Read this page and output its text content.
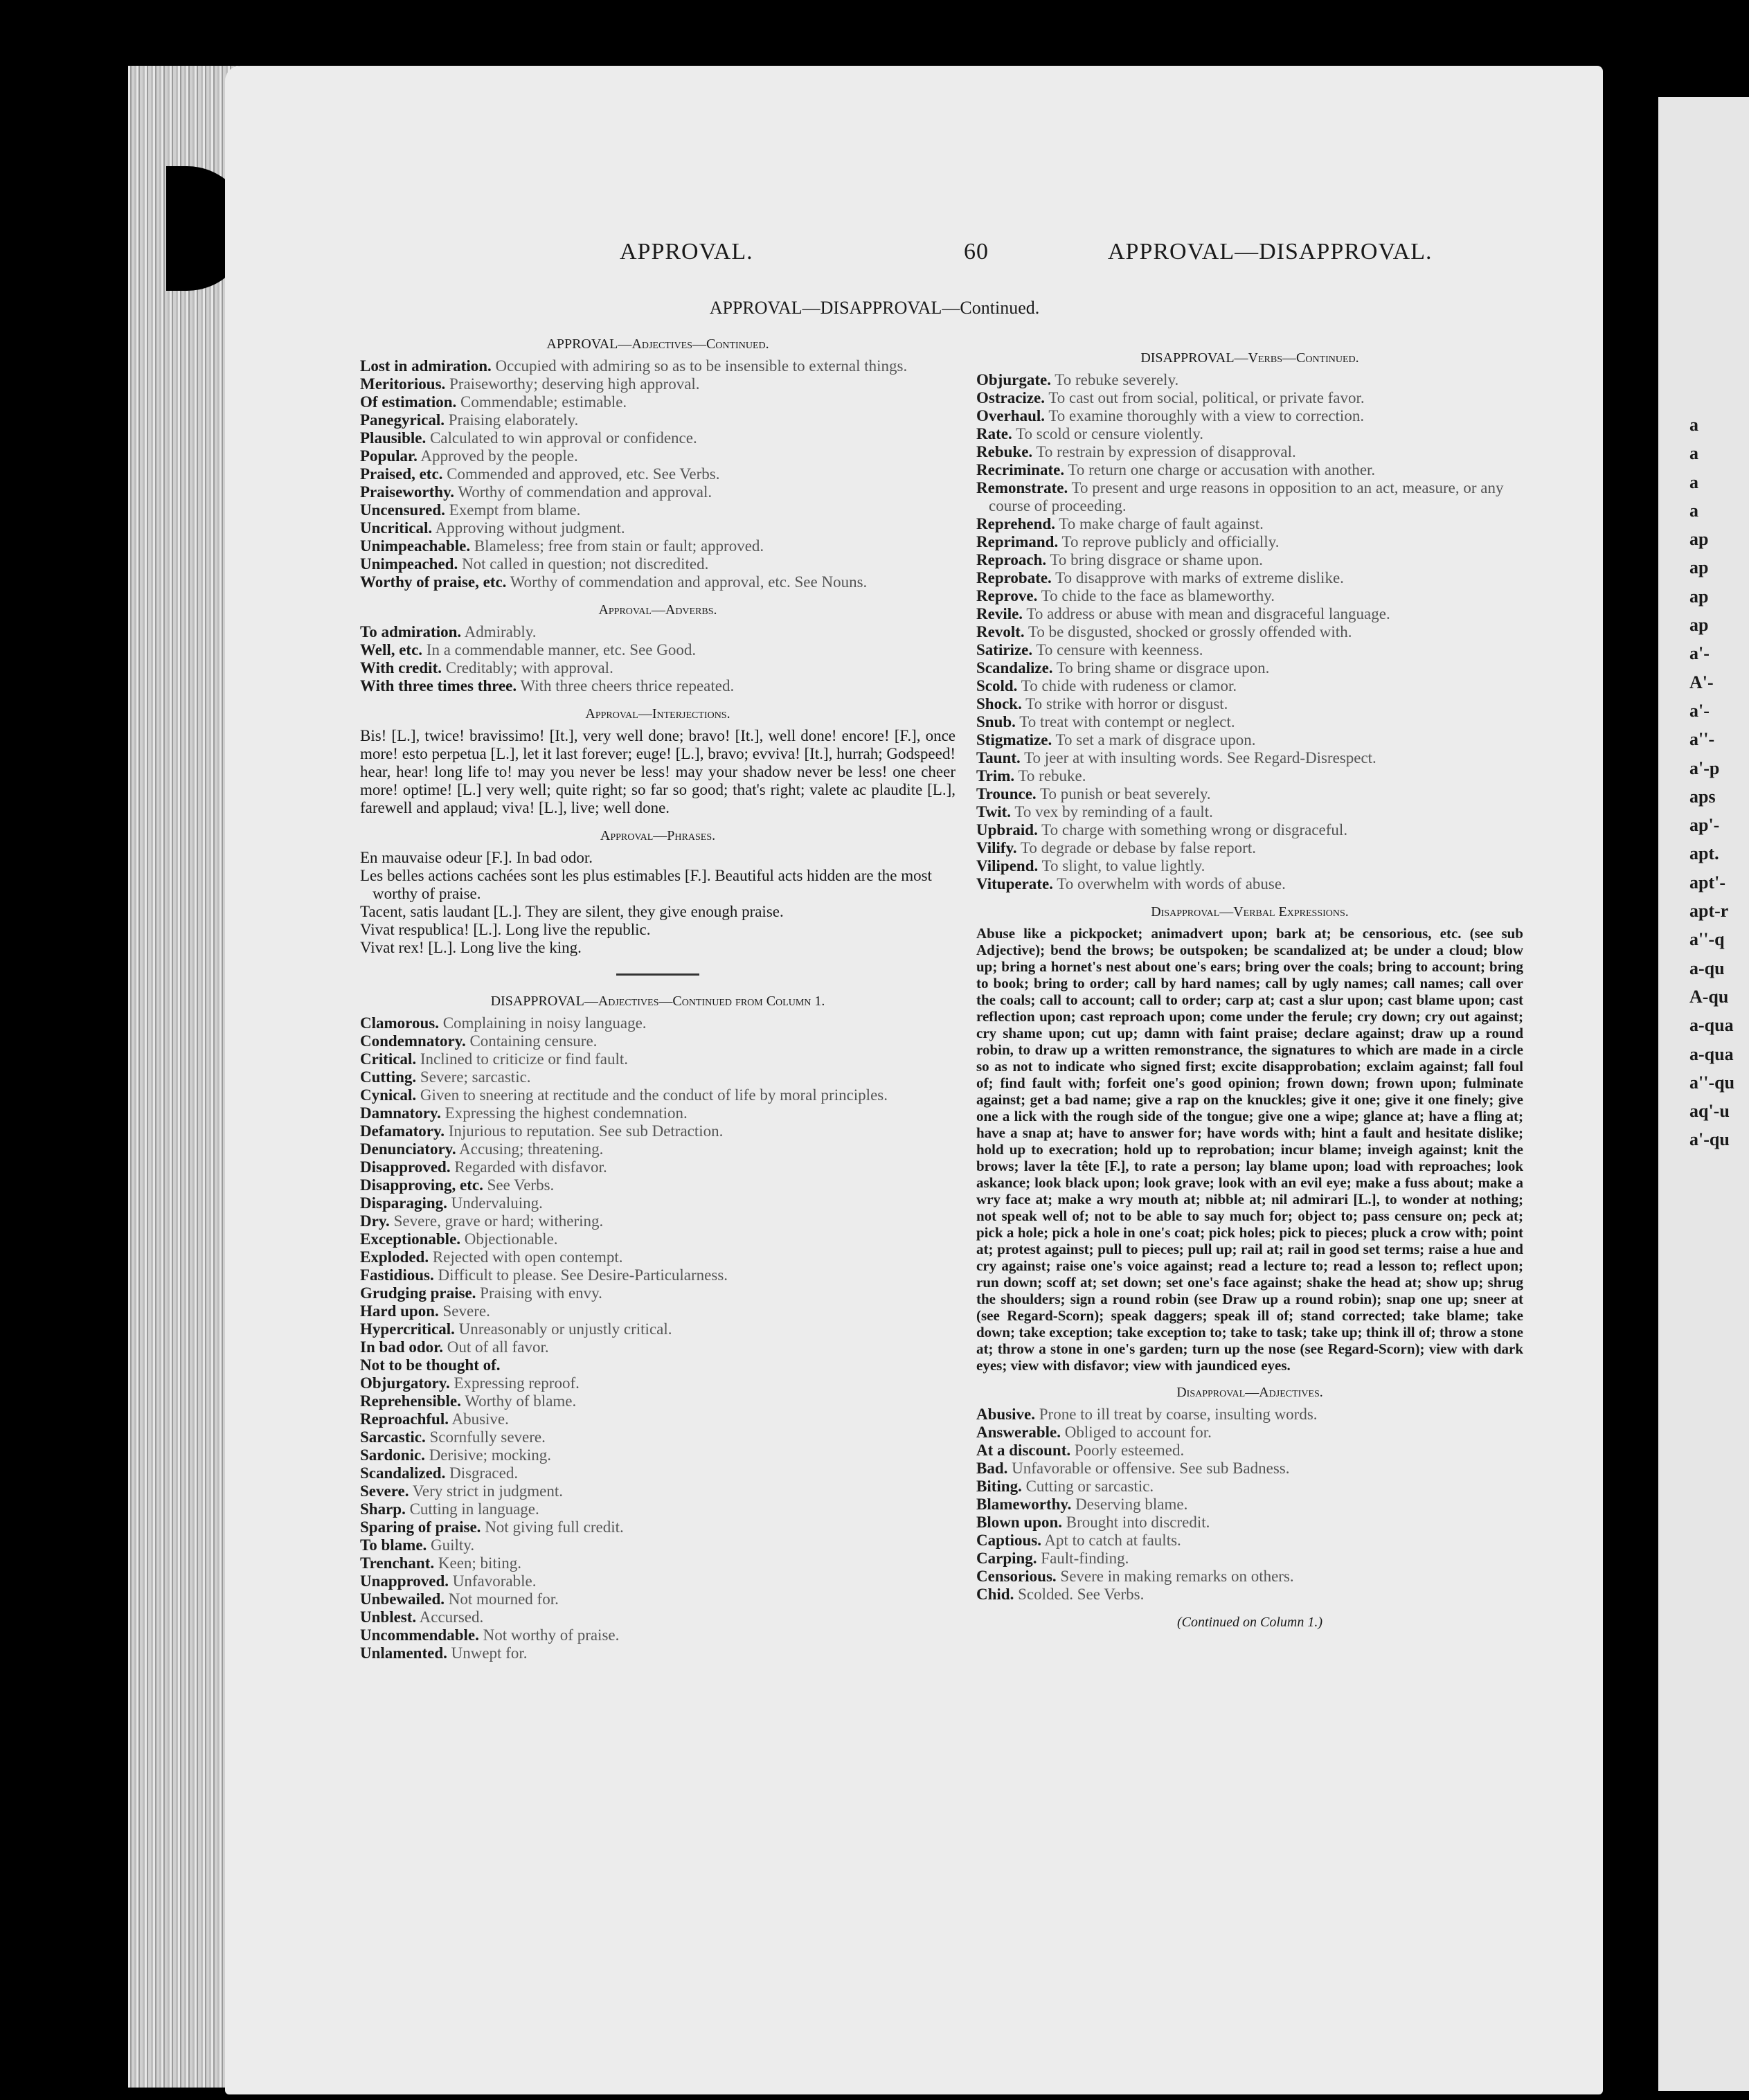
a
a
a
a
ap
ap
ap
ap
a'-
A'-
a'-
a''-
a'-p
aps
ap'-
apt.
apt'-
apt-r
a''-q
a-qu
A-qu
a-qua
a-qua
a''-qu
aq'-u
a'-qu
APPROVAL.	60	APPROVAL—DISAPPROVAL.
APPROVAL—DISAPPROVAL—Continued.
APPROVAL—Adjectives—Continued.

Lost in admiration. Occupied with admiring so as to be insensible to external things.

Meritorious. Praiseworthy; deserving high approval.

Of estimation. Commendable; estimable.

Panegyrical. Praising elaborately.

Plausible. Calculated to win approval or confidence.

Popular. Approved by the people.

Praised, etc. Commended and approved, etc. See Verbs.

Praiseworthy. Worthy of commendation and approval.

Uncensured. Exempt from blame.

Uncritical. Approving without judgment.

Unimpeachable. Blameless; free from stain or fault; approved.

Unimpeached. Not called in question; not discredited.

Worthy of praise, etc. Worthy of commendation and approval, etc. See Nouns.

Approval—Adverbs.

To admiration. Admirably.

Well, etc. In a commendable manner, etc. See Good.

With credit. Creditably; with approval.

With three times three. With three cheers thrice repeated.

Approval—Interjections.

Bis! [L.], twice! bravissimo! [It.], very well done; bravo! [It.], well done! encore! [F.], once more! esto perpetua [L.], let it last forever; euge! [L.], bravo; evviva! [It.], hurrah; Godspeed! hear, hear! long life to! may you never be less! may your shadow never be less! one cheer more! optime! [L.] very well; quite right; so far so good; that's right; valete ac plaudite [L.], farewell and applaud; viva! [L.], live; well done.

Approval—Phrases.

En mauvaise odeur [F.]. In bad odor.

Les belles actions cachées sont les plus estimables [F.]. Beautiful acts hidden are the most worthy of praise.

Tacent, satis laudant [L.]. They are silent, they give enough praise.

Vivat respublica! [L.]. Long live the republic.

Vivat rex! [L.]. Long live the king.

DISAPPROVAL—Adjectives—Continued from Column 1.

Clamorous. Complaining in noisy language.

Condemnatory. Containing censure.

Critical. Inclined to criticize or find fault.

Cutting. Severe; sarcastic.

Cynical. Given to sneering at rectitude and the conduct of life by moral principles.

Damnatory. Expressing the highest condemnation.

Defamatory. Injurious to reputation. See sub Detraction.

Denunciatory. Accusing; threatening.

Disapproved. Regarded with disfavor.

Disapproving, etc. See Verbs.

Disparaging. Undervaluing.

Dry. Severe, grave or hard; withering.

Exceptionable. Objectionable.

Exploded. Rejected with open contempt.

Fastidious. Difficult to please. See Desire-Particularness.

Grudging praise. Praising with envy.

Hard upon. Severe.

Hypercritical. Unreasonably or unjustly critical.

In bad odor. Out of all favor.

Not to be thought of.

Objurgatory. Expressing reproof.

Reprehensible. Worthy of blame.

Reproachful. Abusive.

Sarcastic. Scornfully severe.

Sardonic. Derisive; mocking.

Scandalized. Disgraced.

Severe. Very strict in judgment.

Sharp. Cutting in language.

Sparing of praise. Not giving full credit.

To blame. Guilty.

Trenchant. Keen; biting.

Unapproved. Unfavorable.

Unbewailed. Not mourned for.

Unblest. Accursed.

Uncommendable. Not worthy of praise.

Unlamented. Unwept for.

DISAPPROVAL—Verbs—Continued.

Objurgate. To rebuke severely.

Ostracize. To cast out from social, political, or private favor.

Overhaul. To examine thoroughly with a view to correction.

Rate. To scold or censure violently.

Rebuke. To restrain by expression of disapproval.

Recriminate. To return one charge or accusation with another.

Remonstrate. To present and urge reasons in opposition to an act, measure, or any course of proceeding.

Reprehend. To make charge of fault against.

Reprimand. To reprove publicly and officially.

Reproach. To bring disgrace or shame upon.

Reprobate. To disapprove with marks of extreme dislike.

Reprove. To chide to the face as blameworthy.

Revile. To address or abuse with mean and disgraceful language.

Revolt. To be disgusted, shocked or grossly offended with.

Satirize. To censure with keenness.

Scandalize. To bring shame or disgrace upon.

Scold. To chide with rudeness or clamor.

Shock. To strike with horror or disgust.

Snub. To treat with contempt or neglect.

Stigmatize. To set a mark of disgrace upon.

Taunt. To jeer at with insulting words. See Regard-Disrespect.

Trim. To rebuke.

Trounce. To punish or beat severely.

Twit. To vex by reminding of a fault.

Upbraid. To charge with something wrong or disgraceful.

Vilify. To degrade or debase by false report.

Vilipend. To slight, to value lightly.

Vituperate. To overwhelm with words of abuse.

Disapproval—Verbal Expressions.

Abuse like a pickpocket; animadvert upon; bark at; be censorious, etc. (see sub Adjective); bend the brows; be outspoken; be scandalized at; be under a cloud; blow up; bring a hornet's nest about one's ears; bring over the coals; bring to account; bring to book; bring to order; call by hard names; call by ugly names; call names; call over the coals; call to account; call to order; carp at; cast a slur upon; cast blame upon; cast reflection upon; cast reproach upon; come under the ferule; cry down; cry out against; cry shame upon; cut up; damn with faint praise; declare against; draw up a round robin, to draw up a written remonstrance, the signatures to which are made in a circle so as not to indicate who signed first; excite disapprobation; exclaim against; fall foul of; find fault with; forfeit one's good opinion; frown down; frown upon; fulminate against; get a bad name; give a rap on the knuckles; give it one; give it one finely; give one a lick with the rough side of the tongue; give one a wipe; glance at; have a fling at; have a snap at; have to answer for; have words with; hint a fault and hesitate dislike; hold up to execration; hold up to reprobation; incur blame; inveigh against; knit the brows; laver la tête [F.], to rate a person; lay blame upon; load with reproaches; look askance; look black upon; look grave; look with an evil eye; make a fuss about; make a wry face at; make a wry mouth at; nibble at; nil admirari [L.], to wonder at nothing; not speak well of; not to be able to say much for; object to; pass censure on; peck at; pick a hole; pick a hole in one's coat; pick holes; pick to pieces; pluck a crow with; point at; protest against; pull to pieces; pull up; rail at; rail in good set terms; raise a hue and cry against; raise one's voice against; read a lecture to; read a lesson to; reflect upon; run down; scoff at; set down; set one's face against; shake the head at; show up; shrug the shoulders; sign a round robin (see Draw up a round robin); snap one up; sneer at (see Regard-Scorn); speak daggers; speak ill of; stand corrected; take blame; take down; take exception; take exception to; take to task; take up; think ill of; throw a stone at; throw a stone in one's garden; turn up the nose (see Regard-Scorn); view with dark eyes; view with disfavor; view with jaundiced eyes.

Disapproval—Adjectives.

Abusive. Prone to ill treat by coarse, insulting words.

Answerable. Obliged to account for.

At a discount. Poorly esteemed.

Bad. Unfavorable or offensive. See sub Badness.

Biting. Cutting or sarcastic.

Blameworthy. Deserving blame.

Blown upon. Brought into discredit.

Captious. Apt to catch at faults.

Carping. Fault-finding.

Censorious. Severe in making remarks on others.

Chid. Scolded. See Verbs.

(Continued on Column 1.)
